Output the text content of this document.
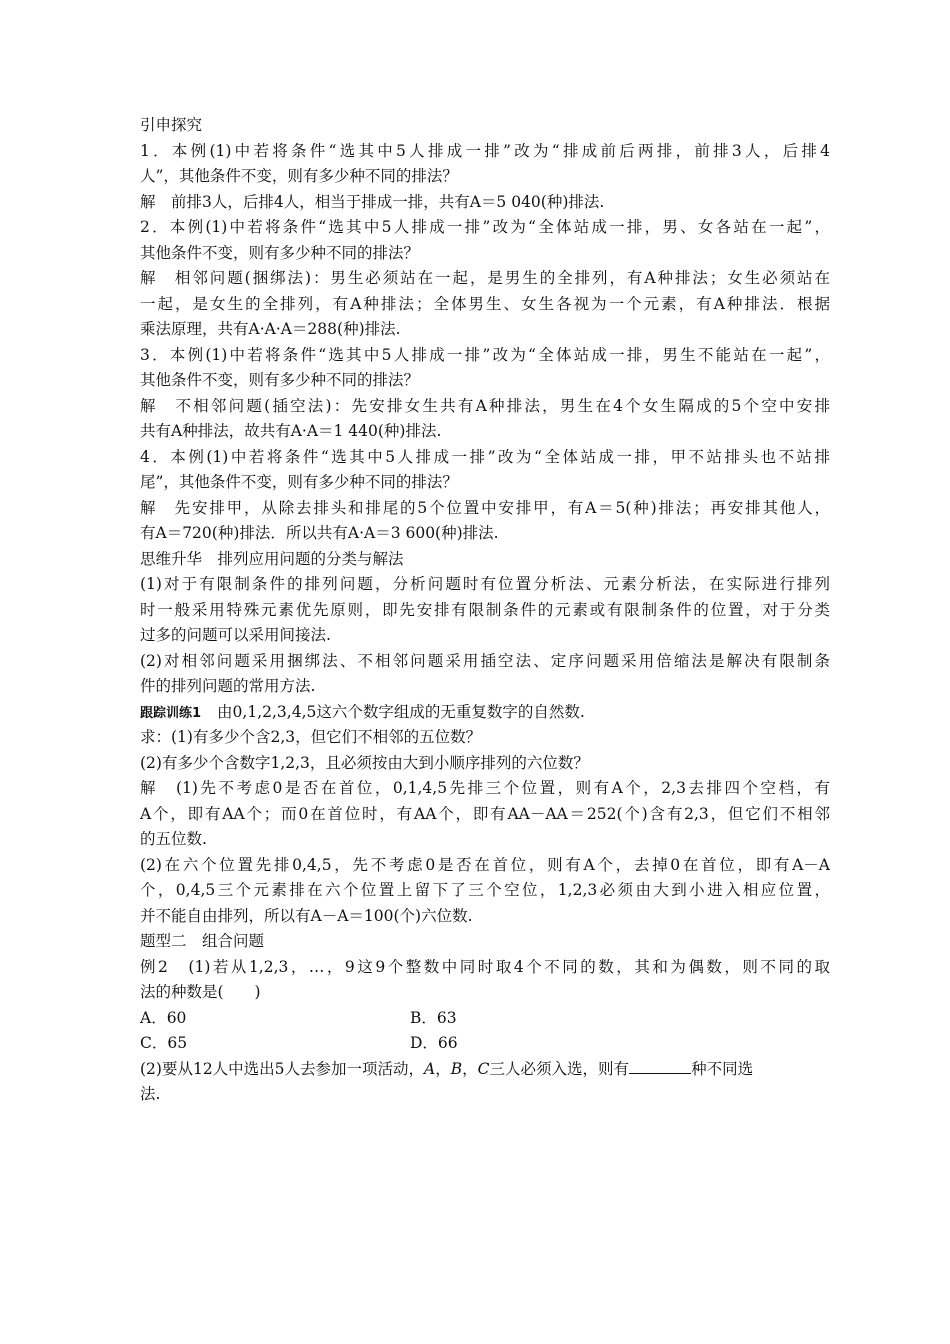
引申探究
1．本例(1)中若将条件“选其中5人排成一排”改为“排成前后两排，前排3人，后排4
人”，其他条件不变，则有多少种不同的排法？
解　前排3人，后排4人，相当于排成一排，共有A＝5 040(种)排法.
2．本例(1)中若将条件“选其中5人排成一排”改为“全体站成一排，男、女各站在一起”，
其他条件不变，则有多少种不同的排法？
解　相邻问题(捆绑法)：男生必须站在一起，是男生的全排列，有A种排法；女生必须站在
一起，是女生的全排列，有A种排法；全体男生、女生各视为一个元素，有A种排法．根据
乘法原理，共有A·A·A＝288(种)排法.
3．本例(1)中若将条件“选其中5人排成一排”改为“全体站成一排，男生不能站在一起”，
其他条件不变，则有多少种不同的排法？
解　不相邻问题(插空法)：先安排女生共有A种排法，男生在4个女生隔成的5个空中安排
共有A种排法，故共有A·A＝1 440(种)排法.
4．本例(1)中若将条件“选其中5人排成一排”改为“全体站成一排，甲不站排头也不站排
尾”，其他条件不变，则有多少种不同的排法？
解　先安排甲，从除去排头和排尾的5个位置中安排甲，有A＝5(种)排法；再安排其他人，
有A＝720(种)排法．所以共有A·A＝3 600(种)排法.
思维升华　排列应用问题的分类与解法
(1)对于有限制条件的排列问题，分析问题时有位置分析法、元素分析法，在实际进行排列
时一般采用特殊元素优先原则，即先安排有限制条件的元素或有限制条件的位置，对于分类
过多的问题可以采用间接法.
(2)对相邻问题采用捆绑法、不相邻问题采用插空法、定序问题采用倍缩法是解决有限制条
件的排列问题的常用方法.
跟踪训练1 由0,1,2,3,4,5这六个数字组成的无重复数字的自然数.
求：(1)有多少个含2,3，但它们不相邻的五位数？
(2)有多少个含数字1,2,3，且必须按由大到小顺序排列的六位数？
解　(1)先不考虑0是否在首位，0,1,4,5先排三个位置，则有A个，2,3去排四个空档，有
A个，即有AA个；而0在首位时，有AA个，即有AA－AA＝252(个)含有2,3，但它们不相邻
的五位数.
(2)在六个位置先排0,4,5，先不考虑0是否在首位，则有A个，去掉0在首位，即有A－A
个，0,4,5三个元素排在六个位置上留下了三个空位，1,2,3必须由大到小进入相应位置，
并不能自由排列，所以有A－A＝100(个)六位数.
题型二　组合问题
例2　(1)若从1,2,3，…，9这9个整数中同时取4个不同的数，其和为偶数，则不同的取
法的种数是(　　)
A．60	B．63
C．65	D．66
(2)要从12人中选出5人去参加一项活动，A，B，C三人必须入选，则有	种不同选
法.
